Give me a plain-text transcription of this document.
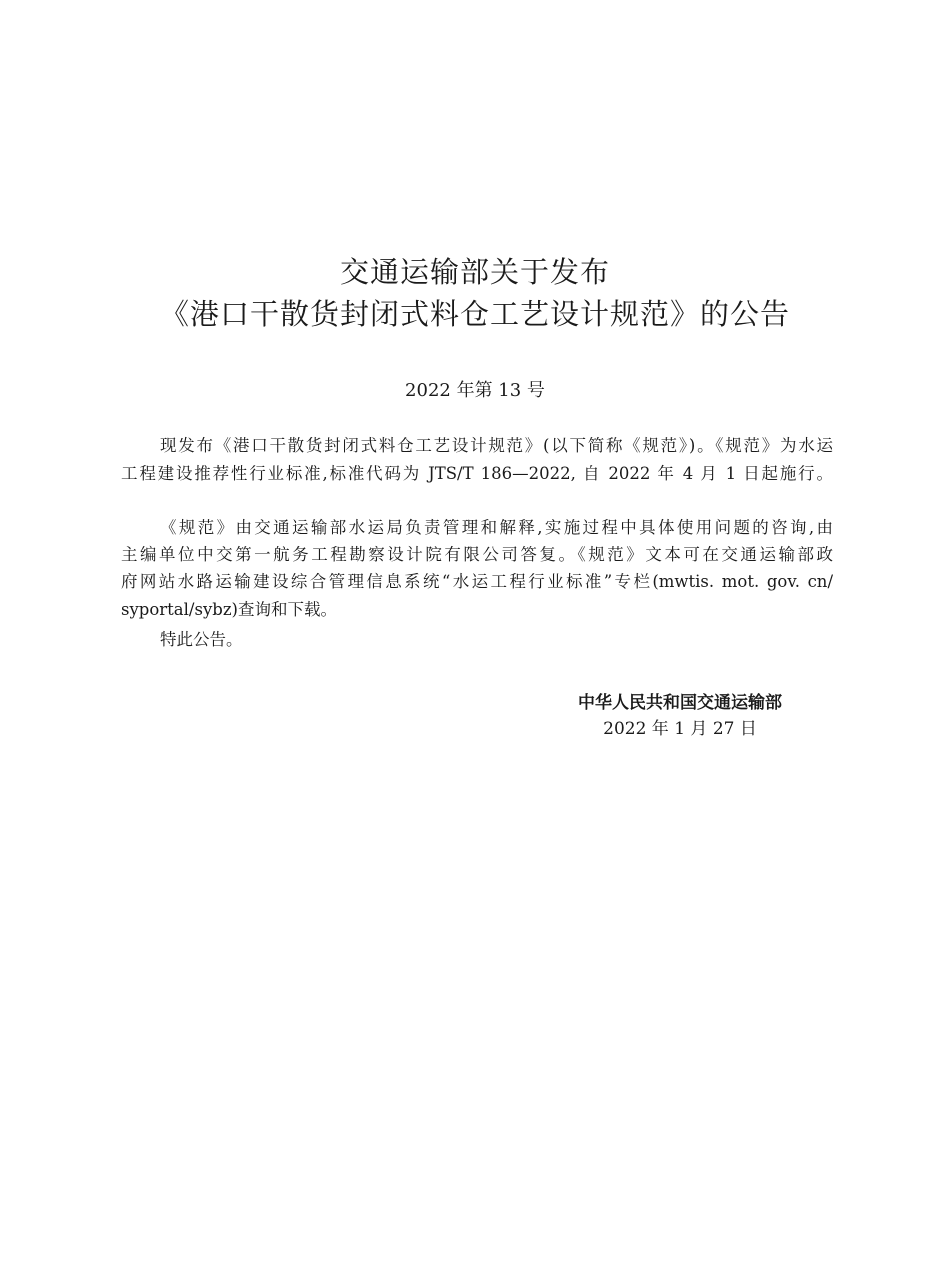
交通运输部关于发布
《港口干散货封闭式料仓工艺设计规范》的公告
2022 年第 13 号
现发布《港口干散货封闭式料仓工艺设计规范》(以下简称《规范》)。《规范》为水运
工程建设推荐性行业标准,标准代码为 JTS/T 186—2022, 自 2022 年 4 月 1 日起施行。
《规范》由交通运输部水运局负责管理和解释,实施过程中具体使用问题的咨询,由
主编单位中交第一航务工程勘察设计院有限公司答复。《规范》文本可在交通运输部政
府网站水路运输建设综合管理信息系统“水运工程行业标准”专栏(mwtis. mot. gov. cn/
syportal/sybz)查询和下载。
特此公告。
中华人民共和国交通运输部
2022 年 1 月 27 日
